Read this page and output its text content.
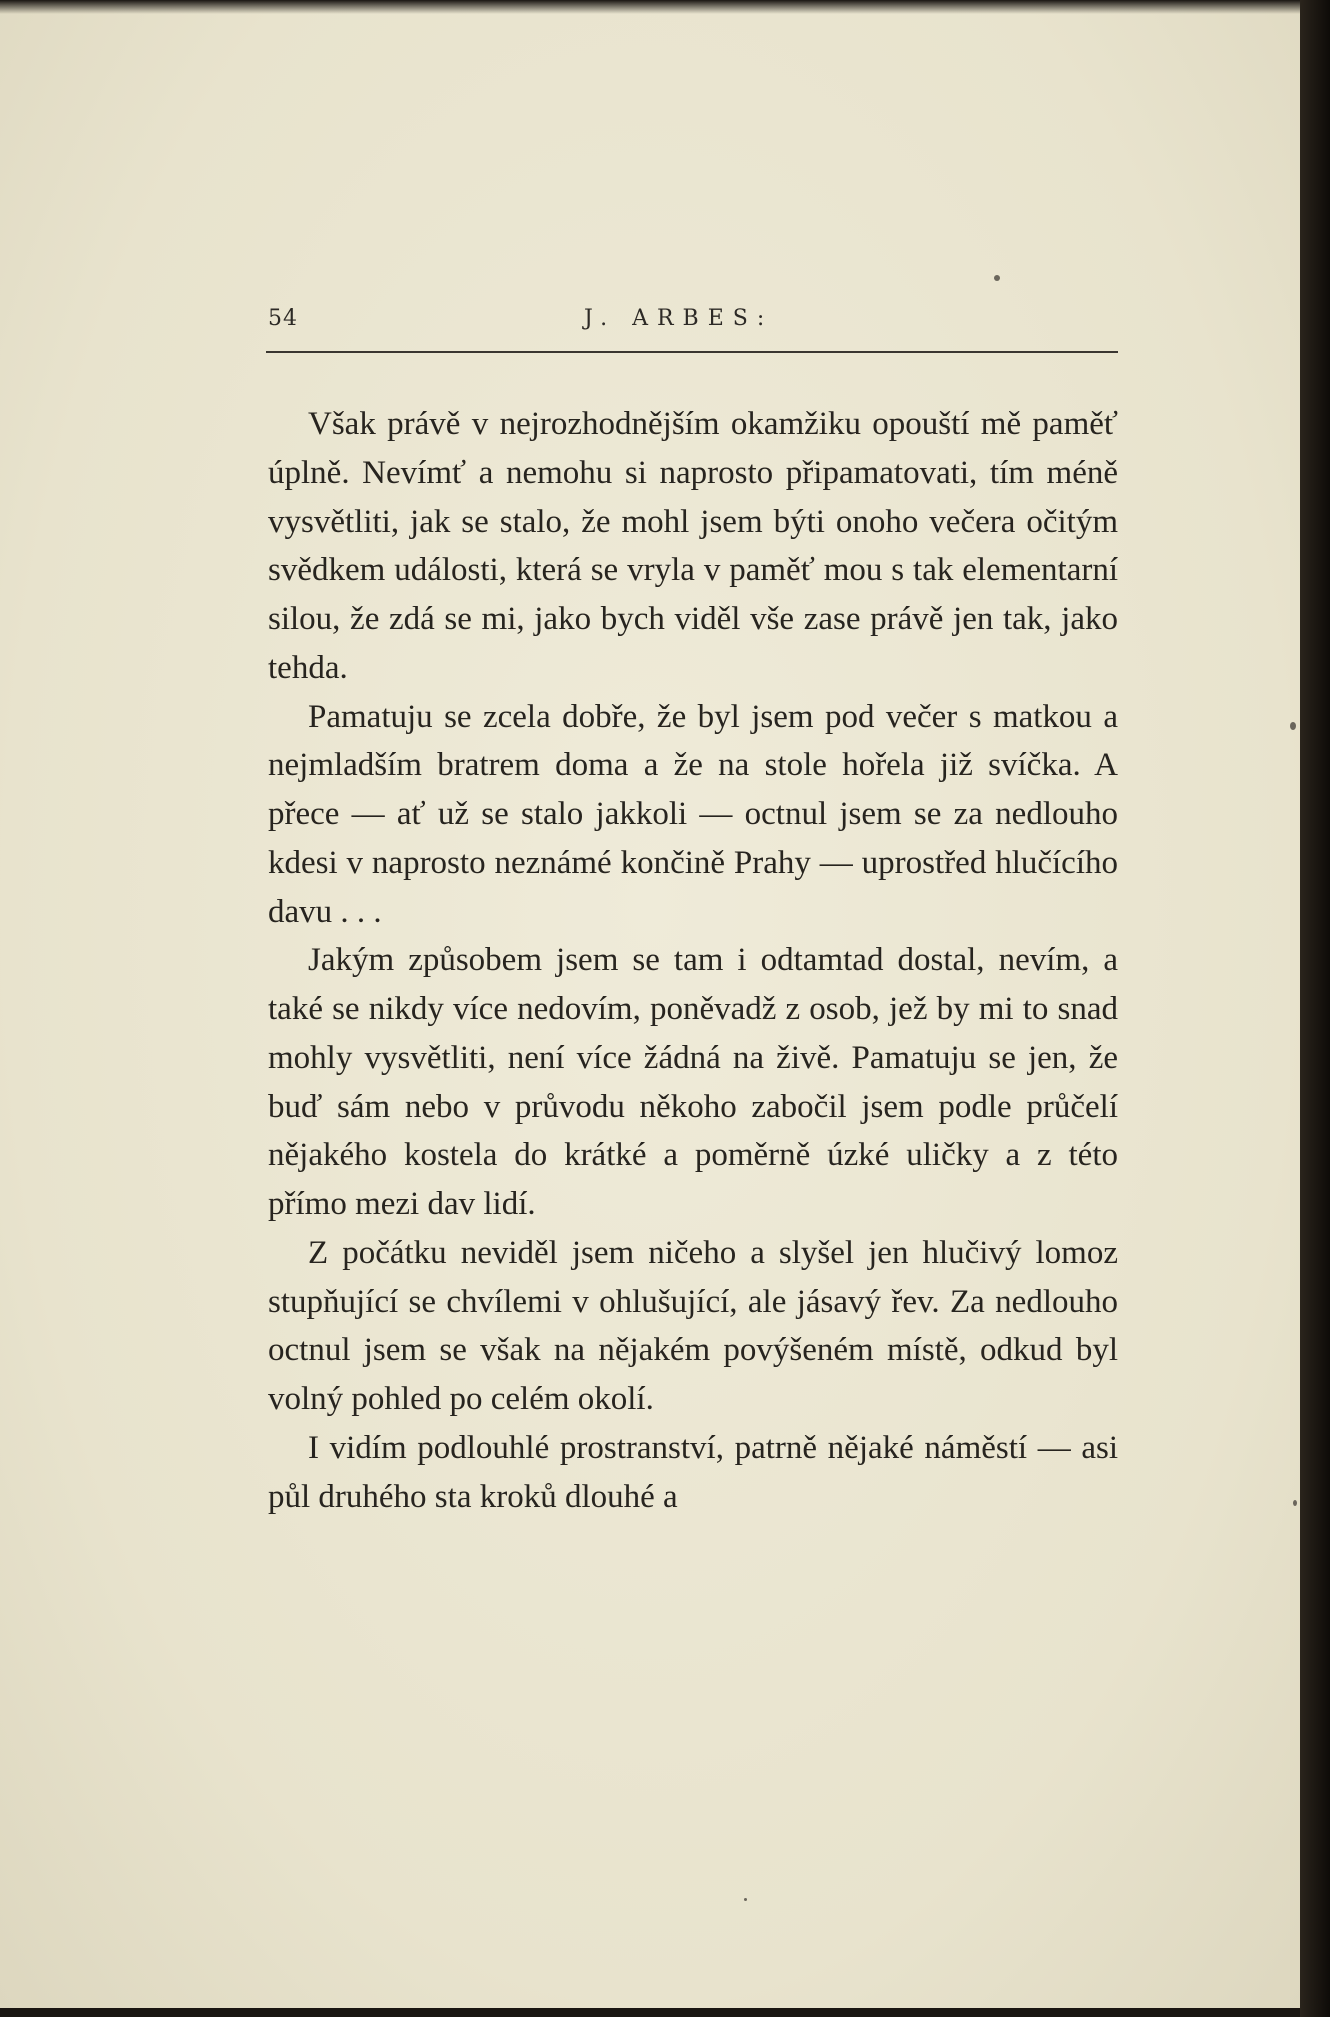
54	J. ARBES:

Však právě v nejrozhodnějším okamžiku opouští mě paměť úplně. Nevímť a nemohu si naprosto připamatovati, tím méně vysvětliti, jak se stalo, že mohl jsem býti onoho večera očitým svědkem události, která se vryla v paměť mou s tak elementarní silou, že zdá se mi, jako bych viděl vše zase právě jen tak, jako tehda.

Pamatuju se zcela dobře, že byl jsem pod večer s matkou a nejmladším bratrem doma a že na stole hořela již svíčka. A přece — ať už se stalo jakkoli — octnul jsem se za nedlouho kdesi v naprosto neznámé končině Prahy — uprostřed hlučícího davu . . .

Jakým způsobem jsem se tam i odtamtad dostal, nevím, a také se nikdy více nedovím, poněvadž z osob, jež by mi to snad mohly vysvětliti, není více žádná na živě. Pamatuju se jen, že buď sám nebo v průvodu někoho zabočil jsem podle průčelí nějakého kostela do krátké a poměrně úzké uličky a z této přímo mezi dav lidí.

Z počátku neviděl jsem ničeho a slyšel jen hlučivý lomoz stupňující se chvílemi v ohlušující, ale jásavý řev. Za nedlouho octnul jsem se však na nějakém povýšeném místě, odkud byl volný pohled po celém okolí.

I vidím podlouhlé prostranství, patrně nějaké náměstí — asi půl druhého sta kroků dlouhé a
